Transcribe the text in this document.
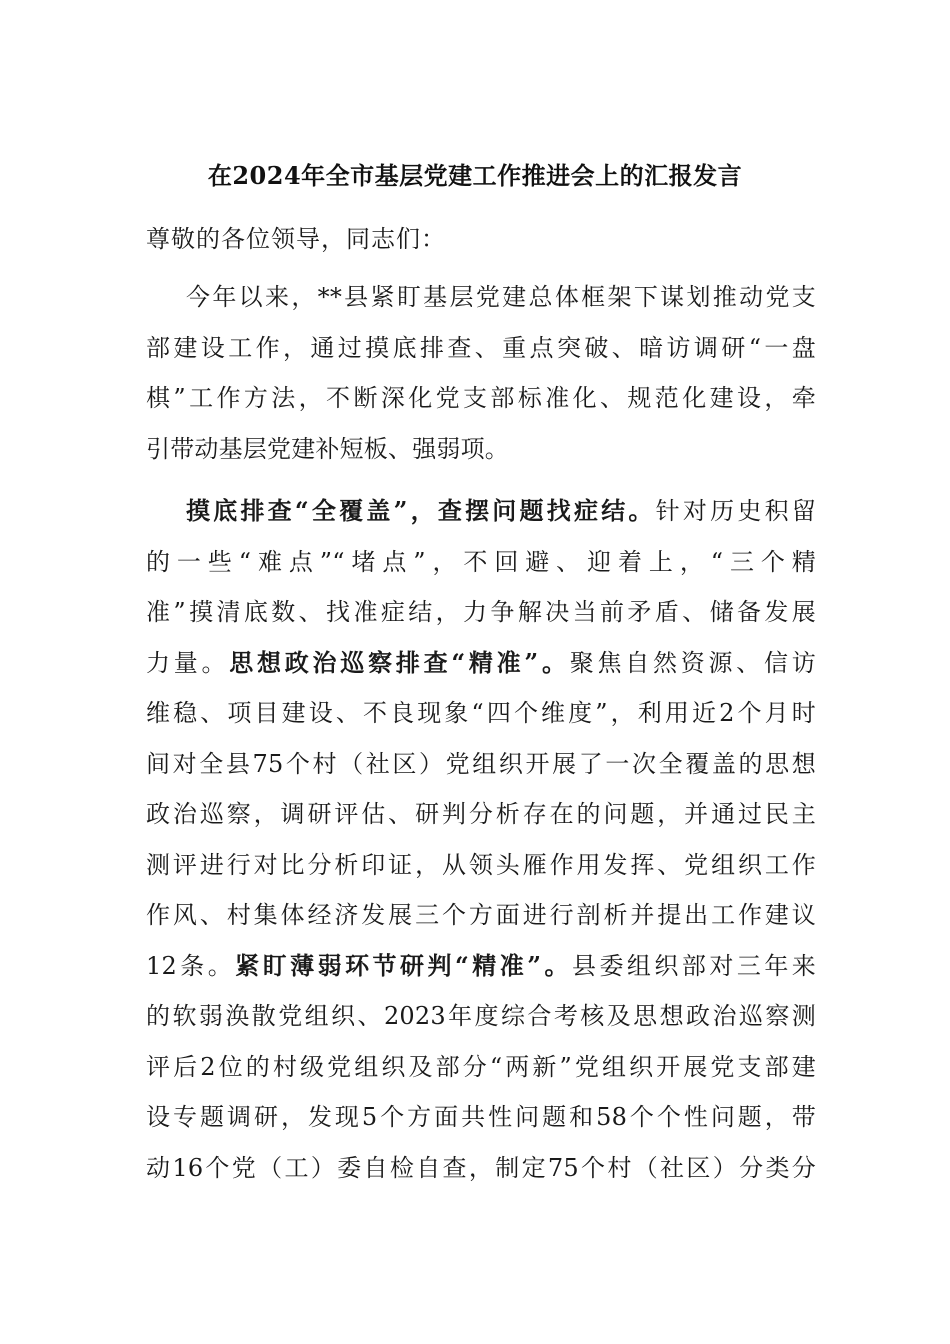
在2024年全市基层党建工作推进会上的汇报发言
尊敬的各位领导，同志们：
今年以来，**县紧盯基层党建总体框架下谋划推动党支
部建设工作，通过摸底排查、重点突破、暗访调研“一盘
棋”工作方法，不断深化党支部标准化、规范化建设，牵
引带动基层党建补短板、强弱项。
摸底排查“全覆盖”，查摆问题找症结。针对历史积留
的一些“难点”“堵点”，不回避、迎着上，“三个精
准”摸清底数、找准症结，力争解决当前矛盾、储备发展
力量。思想政治巡察排查“精准”。聚焦自然资源、信访
维稳、项目建设、不良现象“四个维度”，利用近2个月时
间对全县75个村（社区）党组织开展了一次全覆盖的思想
政治巡察，调研评估、研判分析存在的问题，并通过民主
测评进行对比分析印证，从领头雁作用发挥、党组织工作
作风、村集体经济发展三个方面进行剖析并提出工作建议
12条。紧盯薄弱环节研判“精准”。县委组织部对三年来
的软弱涣散党组织、2023年度综合考核及思想政治巡察测
评后2位的村级党组织及部分“两新”党组织开展党支部建
设专题调研，发现5个方面共性问题和58个个性问题，带
动16个党（工）委自检自查，制定75个村（社区）分类分
